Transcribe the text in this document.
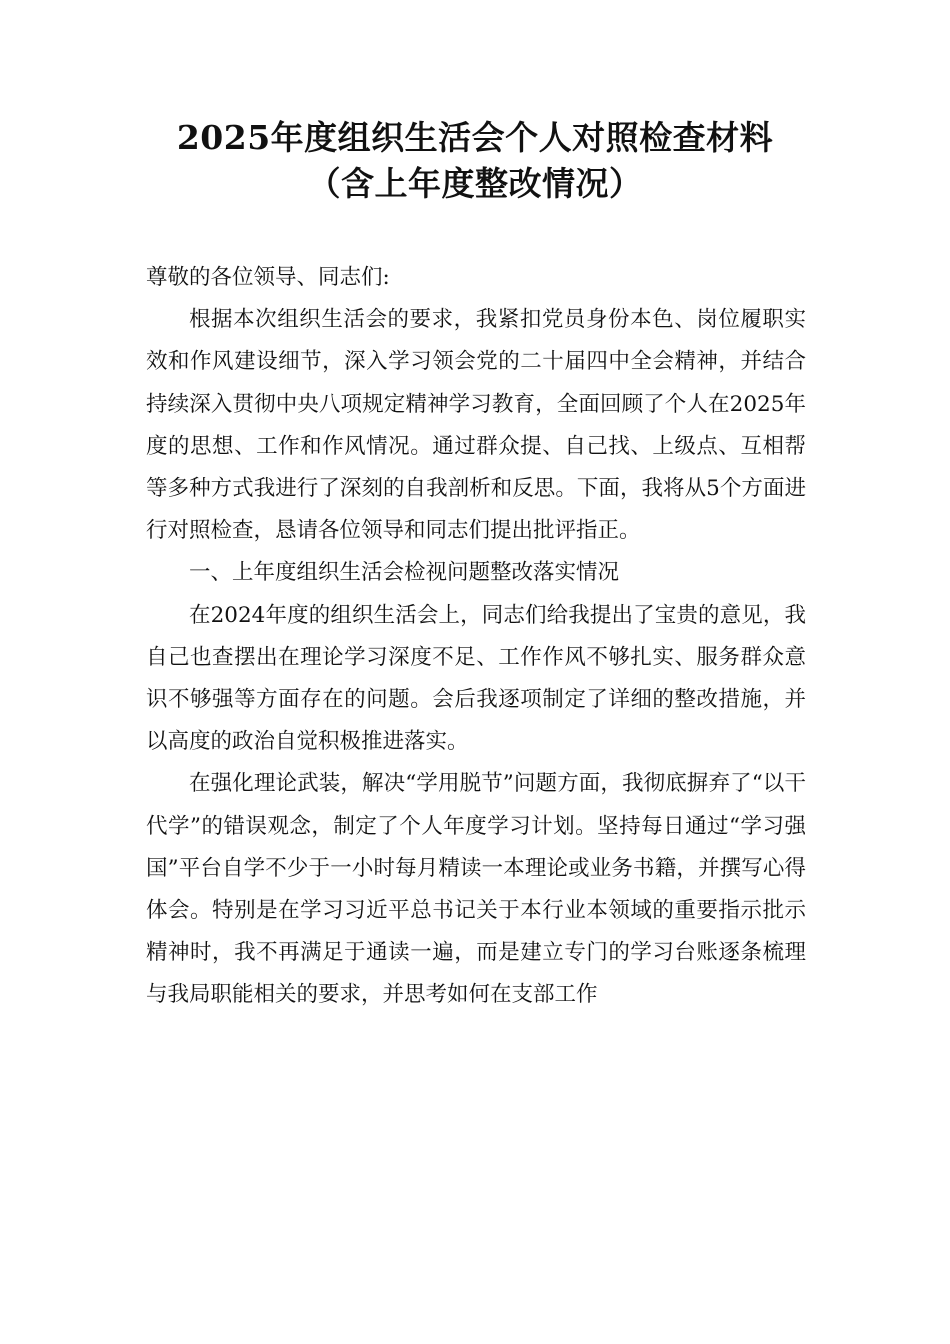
2025年度组织生活会个人对照检查材料
（含上年度整改情况）

尊敬的各位领导、同志们:

根据本次组织生活会的要求，我紧扣党员身份本色、岗位履职实效和作风建设细节，深入学习领会党的二十届四中全会精神，并结合持续深入贯彻中央八项规定精神学习教育，全面回顾了个人在2025年度的思想、工作和作风情况。通过群众提、自己找、上级点、互相帮等多种方式我进行了深刻的自我剖析和反思。下面，我将从5个方面进行对照检查，恳请各位领导和同志们提出批评指正。

一、上年度组织生活会检视问题整改落实情况

在2024年度的组织生活会上，同志们给我提出了宝贵的意见，我自己也查摆出在理论学习深度不足、工作作风不够扎实、服务群众意识不够强等方面存在的问题。会后我逐项制定了详细的整改措施，并以高度的政治自觉积极推进落实。

在强化理论武装，解决“学用脱节”问题方面，我彻底摒弃了“以干代学”的错误观念，制定了个人年度学习计划。坚持每日通过“学习强国”平台自学不少于一小时每月精读一本理论或业务书籍，并撰写心得体会。特别是在学习习近平总书记关于本行业本领域的重要指示批示精神时，我不再满足于通读一遍，而是建立专门的学习台账逐条梳理与我局职能相关的要求，并思考如何在支部工作
